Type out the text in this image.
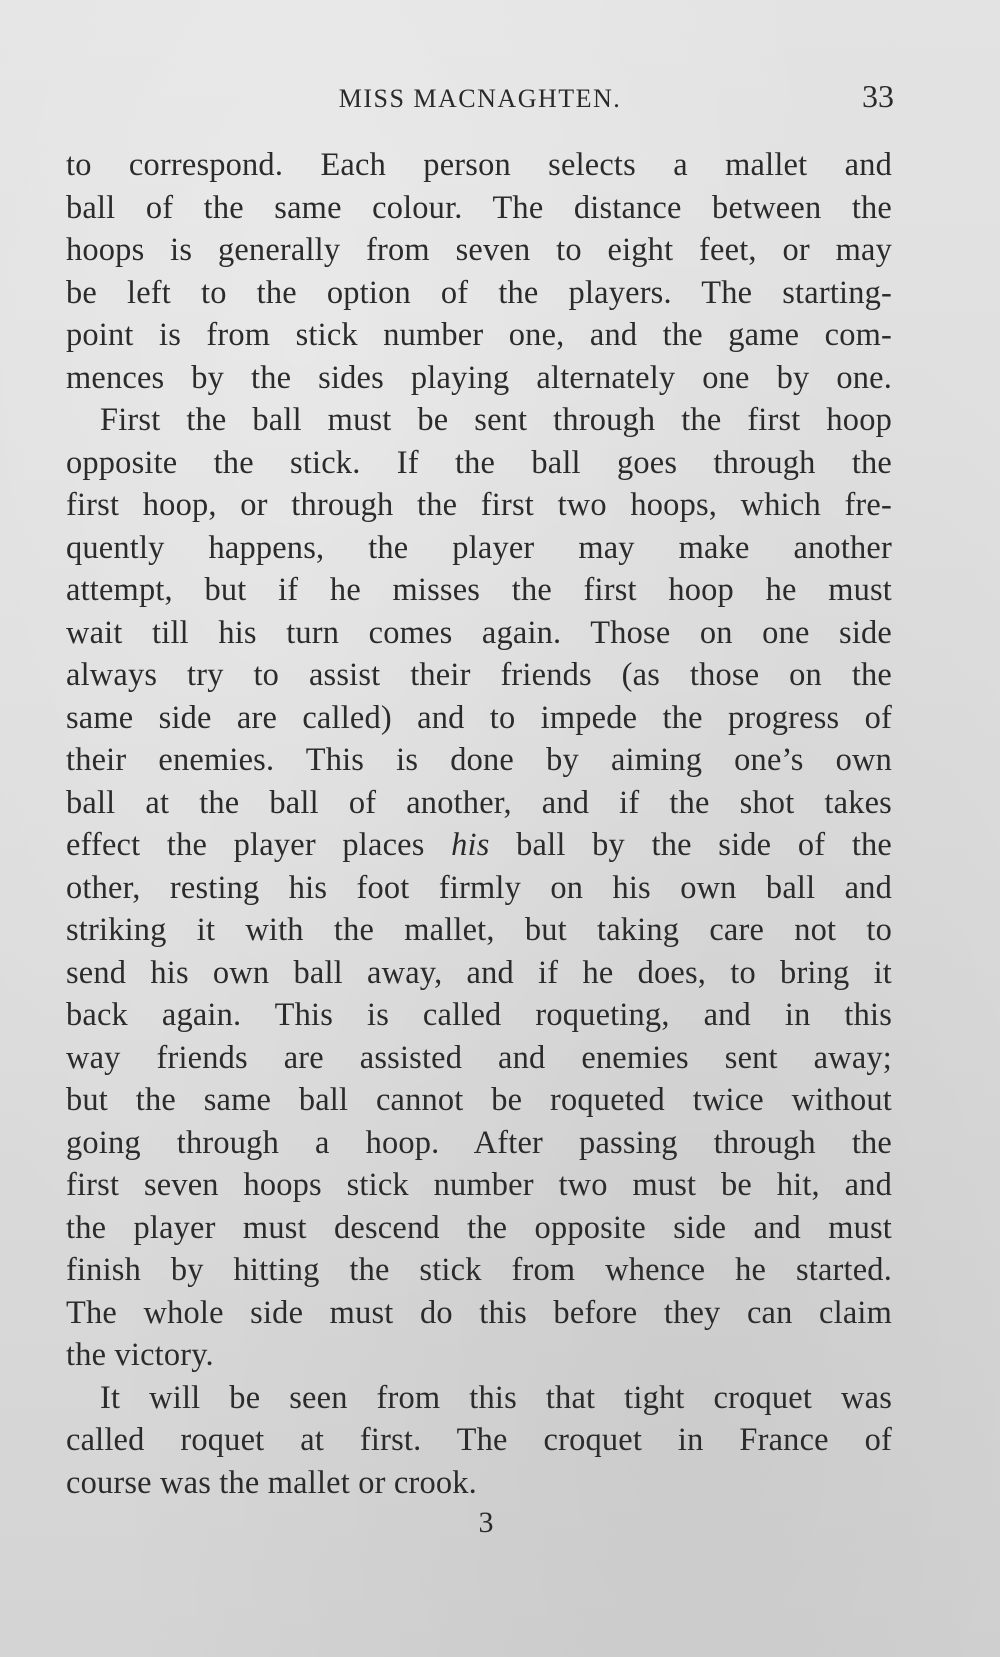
MISS MACNAGHTEN.	33

to correspond. Each person selects a mallet and
ball of the same colour. The distance between the
hoops is generally from seven to eight feet, or may
be left to the option of the players. The starting-
point is from stick number one, and the game com-
mences by the sides playing alternately one by one.

First the ball must be sent through the first hoop
opposite the stick. If the ball goes through the
first hoop, or through the first two hoops, which fre-
quently happens, the player may make another
attempt, but if he misses the first hoop he must
wait till his turn comes again. Those on one side
always try to assist their friends (as those on the
same side are called) and to impede the progress of
their enemies. This is done by aiming one’s own
ball at the ball of another, and if the shot takes
effect the player places his ball by the side of the
other, resting his foot firmly on his own ball and
striking it with the mallet, but taking care not to
send his own ball away, and if he does, to bring it
back again. This is called roqueting, and in this
way friends are assisted and enemies sent away;
but the same ball cannot be roqueted twice without
going through a hoop. After passing through the
first seven hoops stick number two must be hit, and
the player must descend the opposite side and must
finish by hitting the stick from whence he started.
The whole side must do this before they can claim
the victory.

It will be seen from this that tight croquet was
called roquet at first. The croquet in France of
course was the mallet or crook.

3
